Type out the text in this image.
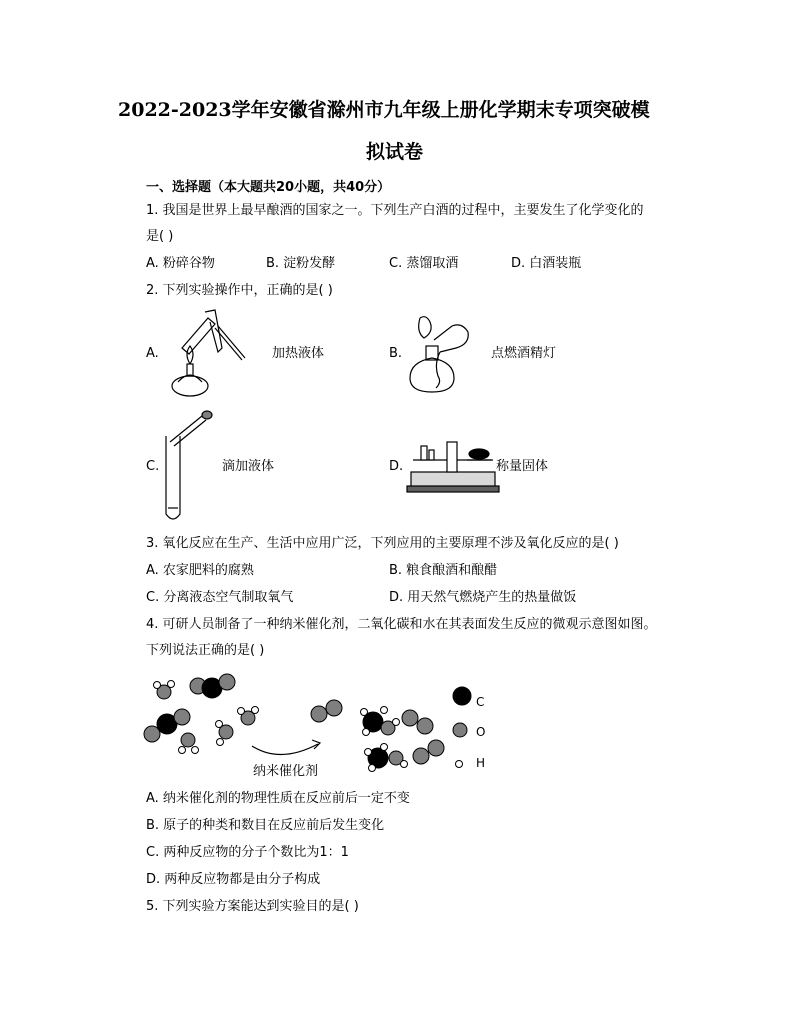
2022-2023学年安徽省滁州市九年级上册化学期末专项突破模
拟试卷
一、选择题（本大题共20小题，共40分）
1. 我国是世界上最早酿酒的国家之一。下列生产白酒的过程中，主要发生了化学变化的
是( )
A. 粉碎谷物	B. 淀粉发酵	C. 蒸馏取酒	D. 白酒装瓶
2. 下列实验操作中，正确的是( )
A.	加热液体	B.	点燃酒精灯
C.	滴加液体	D.	称量固体
3. 氧化反应在生产、生活中应用广泛，下列应用的主要原理不涉及氧化反应的是( )
A. 农家肥料的腐熟	B. 粮食酿酒和酿醋
C. 分离液态空气制取氧气	D. 用天然气燃烧产生的热量做饭
4. 可研人员制备了一种纳米催化剂，二氧化碳和水在其表面发生反应的微观示意图如图。
下列说法正确的是( )
纳米催化剂
C
O
H
A. 纳米催化剂的物理性质在反应前后一定不变
B. 原子的种类和数目在反应前后发生变化
C. 两种反应物的分子个数比为1：1
D. 两种反应物都是由分子构成
5. 下列实验方案能达到实验目的是( )
